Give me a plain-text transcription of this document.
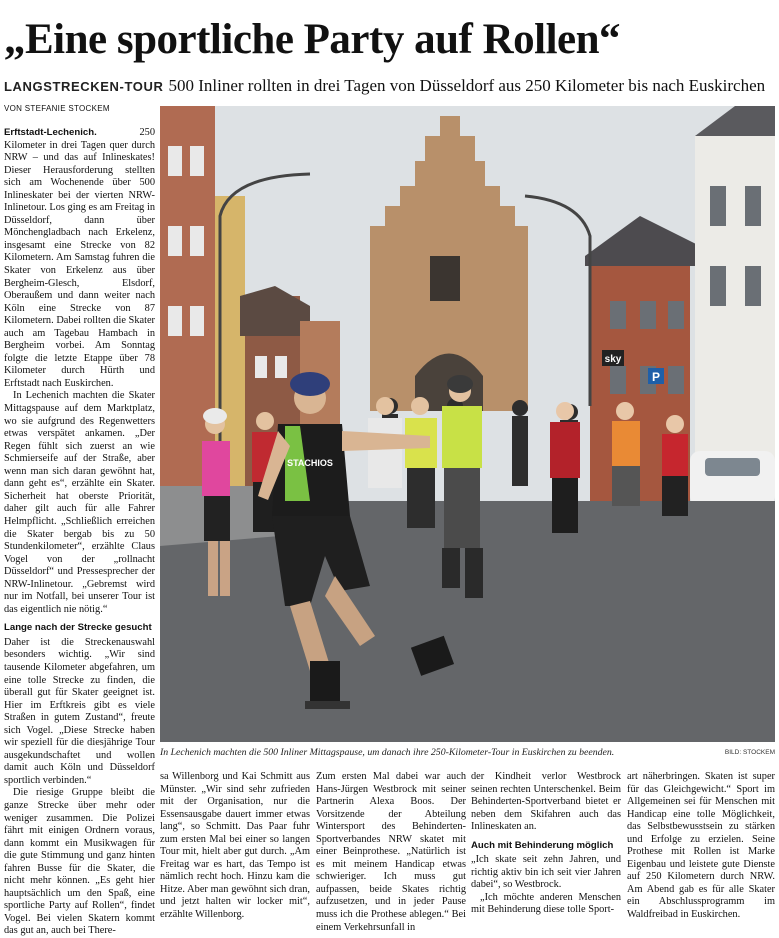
„Eine sportliche Party auf Rollen“
LANGSTRECKEN-TOUR 500 Inliner rollten in drei Tagen von Düsseldorf aus 250 Kilometer bis nach Euskirchen
VON STEFANIE STOCKEM

Erftstadt-Lechenich.	250 Kilometer in drei Tagen quer durch NRW – und das auf Inlineskates! Dieser Herausforderung stellten sich am Wochenende über 500 Inlineskater bei der vierten NRW-Inlinetour. Los ging es am Freitag in Düsseldorf, dann über Mönchengladbach nach Erkelenz, insgesamt eine Strecke von 82 Kilometern. Am Samstag fuhren die Skater von Erkelenz aus über Bergheim-Glesch, Elsdorf, Oberaußem und dann weiter nach Köln eine Strecke von 87 Kilometern. Dabei rollten die Skater auch am Tagebau Hambach in Bergheim vorbei. Am Sonntag folgte die letzte Etappe über 78 Kilometer durch Hürth und Erftstadt nach Euskirchen.

In Lechenich machten die Skater Mittagspause auf dem Marktplatz, wo sie aufgrund des Regenwetters etwas verspätet ankamen. „Der Regen fühlt sich zuerst an wie Schmierseife auf der Straße, aber wenn man sich daran gewöhnt hat, dann geht es“, erzählte ein Skater. Sicherheit hat oberste Priorität, daher gilt auch für alle Fahrer Helmpflicht. „Schließlich erreichen die Skater bergab bis zu 50 Stundenkilometer“, erzählte Claus Vogel von der „rollnacht Düsseldorf“ und Pressesprecher der NRW-Inlinetour. „Gebremst wird nur im Notfall, bei unserer Tour ist das eigentlich nie nötig.“

Lange nach der Strecke gesucht

Daher ist die Streckenauswahl besonders wichtig. „Wir sind tausende Kilometer abgefahren, um eine tolle Strecke zu finden, die überall gut für Skater geeignet ist. Hier im Erftkreis gibt es viele Straßen in gutem Zustand“, freute sich Vogel. „Diese Strecke haben wir speziell für die diesjährige Tour ausgekundschaftet und wollen damit auch Köln und Düsseldorf sportlich verbinden.“

Die riesige Gruppe bleibt die ganze Strecke über mehr oder weniger zusammen. Die Polizei fährt mit einigen Ordnern voraus, dann kommt ein Musikwagen für die gute Stimmung und ganz hinten fahren Busse für die Skater, die nicht mehr können. „Es geht hier hauptsächlich um den Spaß, eine sportliche Party auf Rollen“, findet Vogel. Bei vielen Skatern kommt das gut an, auch bei There-

sky
P
STACHIOS
In Lechenich machten die 500 Inliner Mittagspause, um danach ihre 250-Kilometer-Tour in Euskirchen zu beenden.	BILD: STOCKEM

sa Willenborg und Kai Schmitt aus Münster. „Wir sind sehr zufrieden mit der Organisation, nur die Essensausgabe dauert immer etwas lang“, so Schmitt. Das Paar fuhr zum ersten Mal bei einer so langen Tour mit, hielt aber gut durch. „Am Freitag war es hart, das Tempo ist nämlich recht hoch. Hinzu kam die Hitze. Aber man gewöhnt sich dran, und jetzt halten wir locker mit“, erzählte Willenborg.

Zum ersten Mal dabei war auch Hans-Jürgen Westbrock mit seiner Partnerin Alexa Boos. Der Vorsitzende der Abteilung Wintersport des Behinderten-Sportverbandes NRW skatet mit einer Beinprothese. „Natürlich ist es mit meinem Handicap etwas schwieriger. Ich muss gut aufpassen, beide Skates richtig aufzusetzen, und in jeder Pause muss ich die Prothese ablegen.“ Bei einem Verkehrsunfall in

der Kindheit verlor Westbrock seinen rechten Unterschenkel. Beim Behinderten-Sportverband bietet er neben dem Skifahren auch das Inlineskaten an.

Auch mit Behinderung möglich

„Ich skate seit zehn Jahren, und richtig aktiv bin ich seit vier Jahren dabei“, so Westbrock.

„Ich möchte anderen Menschen mit Behinderung diese tolle Sport-

art näherbringen. Skaten ist super für das Gleichgewicht.“ Sport im Allgemeinen sei für Menschen mit Handicap eine tolle Möglichkeit, das Selbstbewusstsein zu stärken und Erfolge zu erzielen. Seine Prothese mit Rollen ist Marke Eigenbau und leistete gute Dienste auf 250 Kilometern durch NRW. Am Abend gab es für alle Skater ein Abschlussprogramm im Waldfreibad in Euskirchen.
